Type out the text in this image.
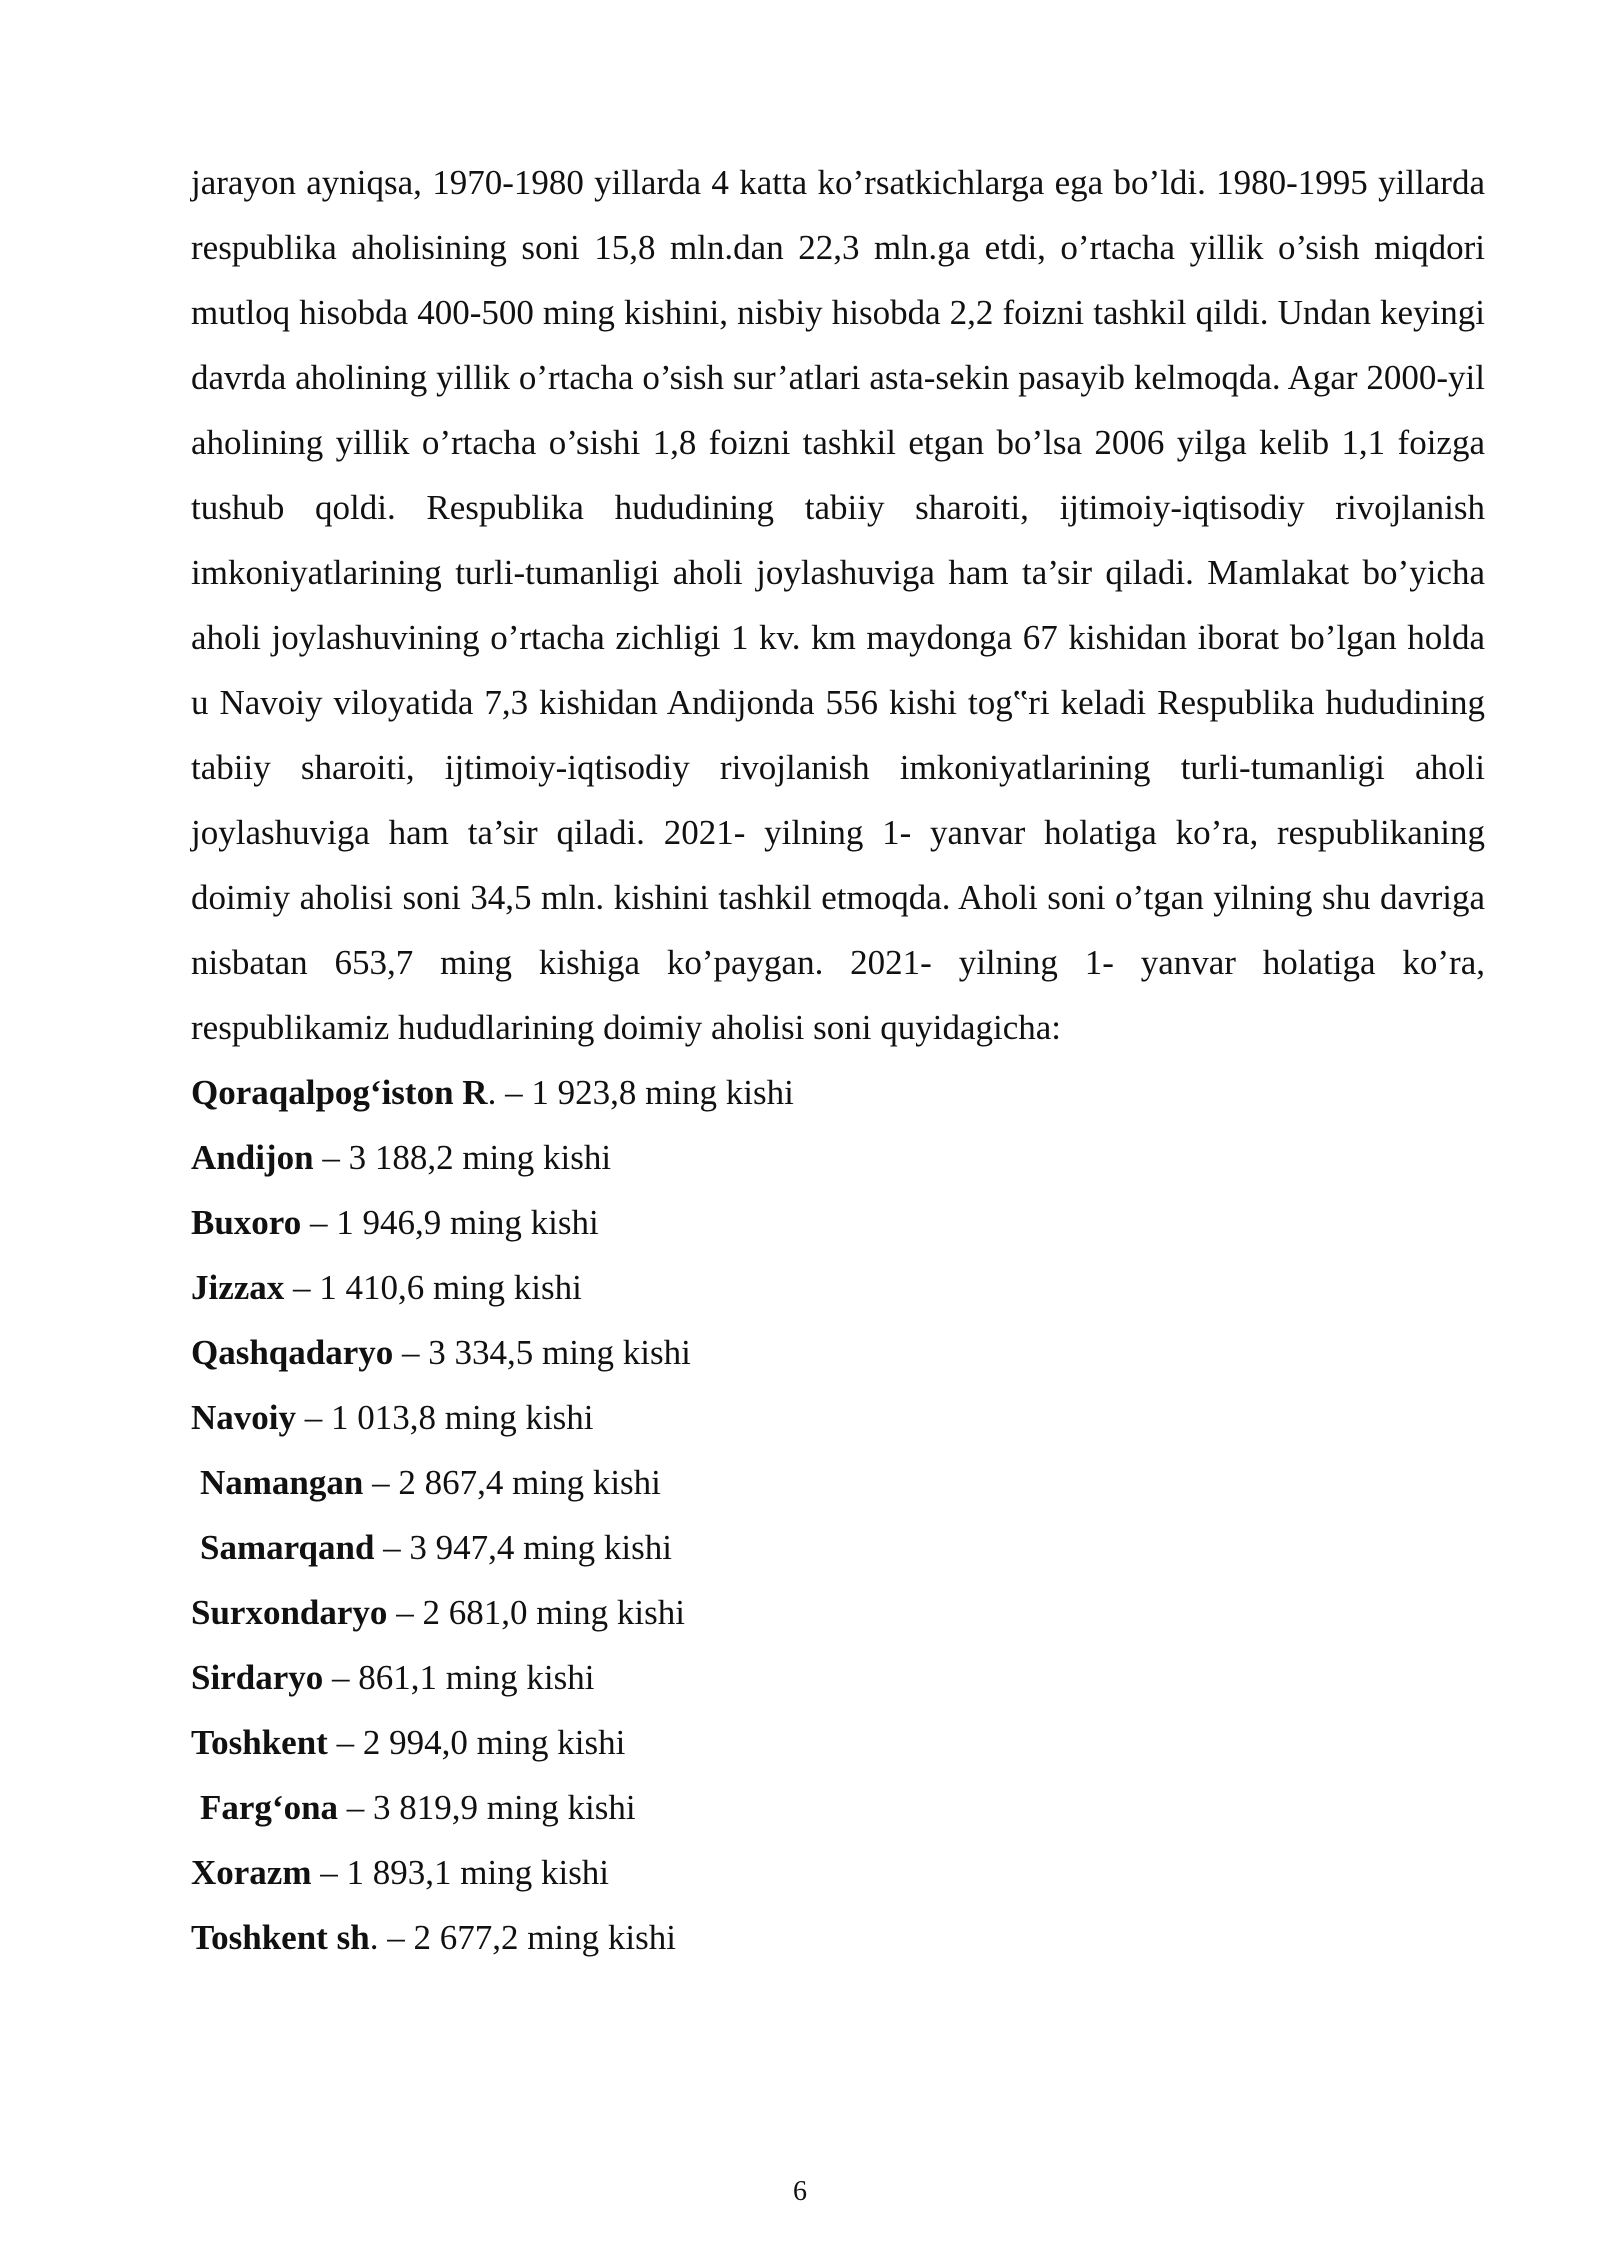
jarayon ayniqsa, 1970-1980 yillarda 4 katta ko’rsatkichlarga ega bo’ldi. 1980-1995 yillarda respublika aholisining soni 15,8 mln.dan 22,3 mln.ga etdi, o’rtacha yillik o’sish miqdori mutloq hisobda 400-500 ming kishini, nisbiy hisobda 2,2 foizni tashkil qildi. Undan keyingi davrda aholining yillik o’rtacha o’sish sur’atlari asta-sekin pasayib kelmoqda. Agar 2000-yil aholining yillik o’rtacha o’sishi 1,8 foizni tashkil etgan bo’lsa 2006 yilga kelib 1,1 foizga tushub qoldi. Respublika hududining tabiiy sharoiti, ijtimoiy-iqtisodiy rivojlanish imkoniyatlarining turli-tumanligi aholi joylashuviga ham ta’sir qiladi. Mamlakat bo’yicha aholi joylashuvining o’rtacha zichligi 1 kv. km maydonga 67 kishidan iborat bo’lgan holda u Navoiy viloyatida 7,3 kishidan Andijonda 556 kishi tog‟ri keladi Respublika hududining tabiiy sharoiti, ijtimoiy-iqtisodiy rivojlanish imkoniyatlarining turli-tumanligi aholi joylashuviga ham ta’sir qiladi. 2021- yilning 1- yanvar holatiga ko’ra, respublikaning doimiy aholisi soni 34,5 mln. kishini tashkil etmoqda. Aholi soni o’tgan yilning shu davriga nisbatan 653,7 ming kishiga ko’paygan. 2021- yilning 1- yanvar holatiga ko’ra, respublikamiz hududlarining doimiy aholisi soni quyidagicha:

Qoraqalpog‘iston R. – 1 923,8 ming kishi
Andijon – 3 188,2 ming kishi
Buxoro – 1 946,9 ming kishi
Jizzax – 1 410,6 ming kishi
Qashqadaryo – 3 334,5 ming kishi
Navoiy – 1 013,8 ming kishi
Namangan – 2 867,4 ming kishi
Samarqand – 3 947,4 ming kishi
Surxondaryo – 2 681,0 ming kishi
Sirdaryo – 861,1 ming kishi
Toshkent – 2 994,0 ming kishi
Farg‘ona – 3 819,9 ming kishi
Xorazm – 1 893,1 ming kishi
Toshkent sh. – 2 677,2 ming kishi
6
